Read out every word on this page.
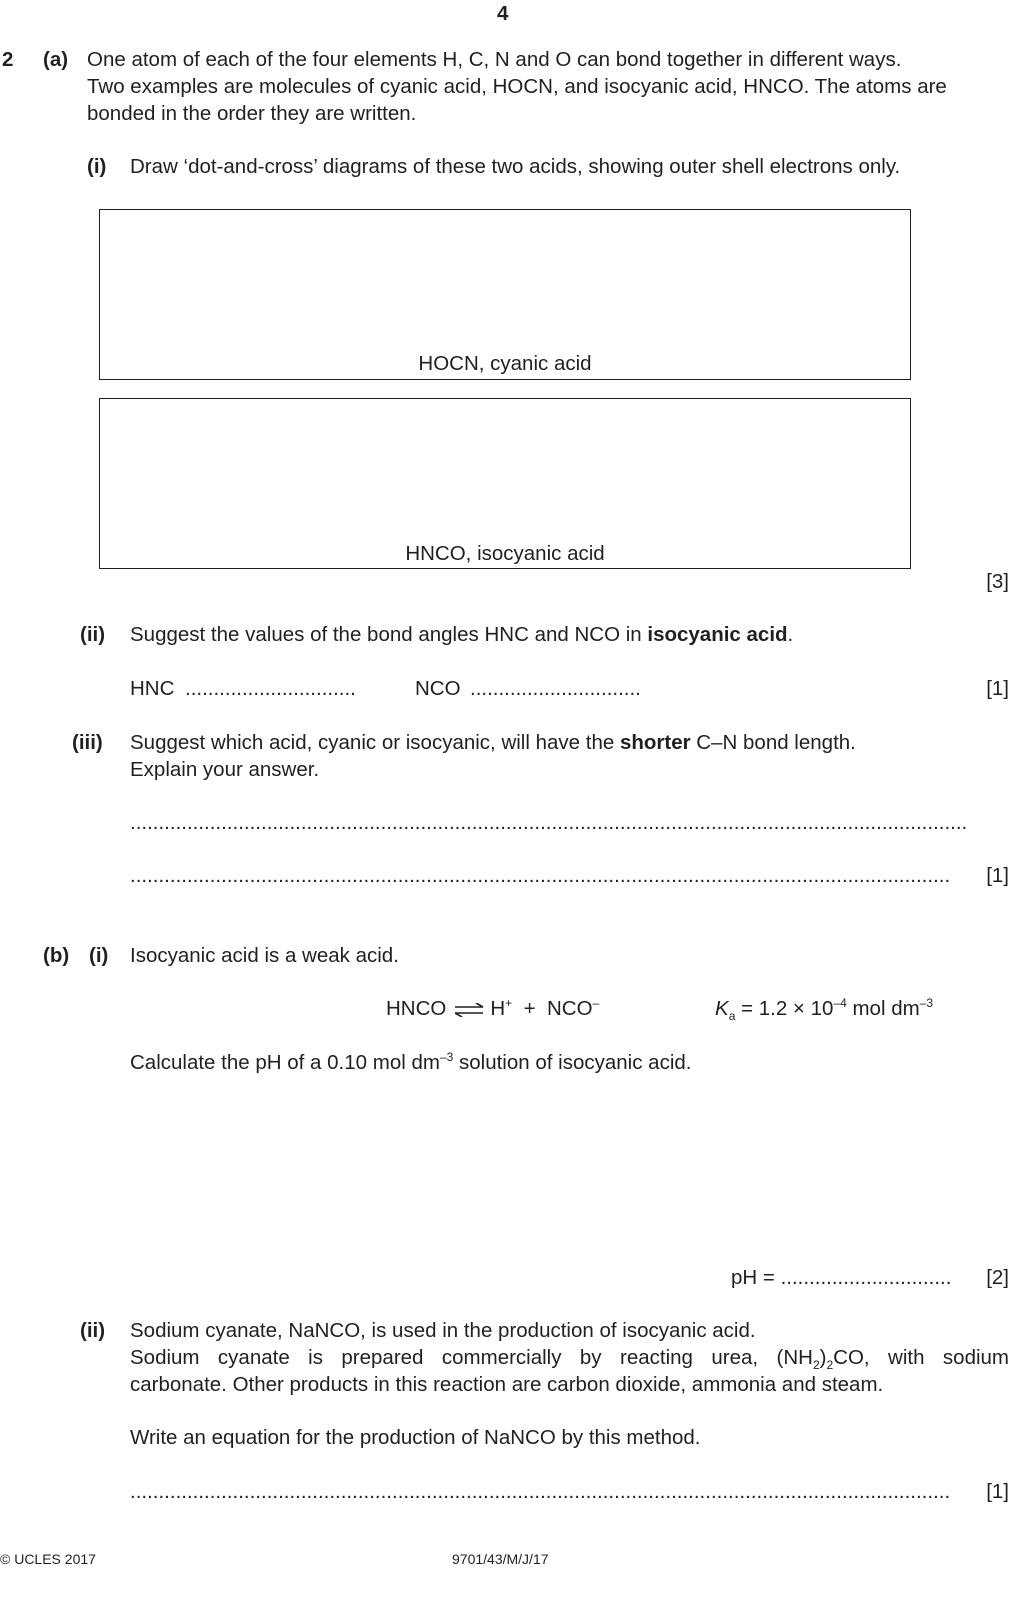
4
2 (a) One atom of each of the four elements H, C, N and O can bond together in different ways.
Two examples are molecules of cyanic acid, HOCN, and isocyanic acid, HNCO. The atoms are
bonded in the order they are written.
(i) Draw ‘dot-and-cross’ diagrams of these two acids, showing outer shell electrons only.
HOCN, cyanic acid
HNCO, isocyanic acid
[3]
(ii) Suggest the values of the bond angles HNC and NCO in isocyanic acid.
HNC ..............................	NCO ..............................	[1]
(iii) Suggest which acid, cyanic or isocyanic, will have the shorter C–N bond length.
Explain your answer.
...................................................................................................................................................
................................................................................................................................................	[1]
(b) (i) Isocyanic acid is a weak acid.
HNCO ⇌ H+ + NCO–	$K_a = 1.2 \times 10^{-4}$ mol $dm^{-3}$
Calculate the pH of a 0.10 mol $dm^{-3}$ solution of isocyanic acid.
pH = .............................. [2]
(ii) Sodium cyanate, NaNCO, is used in the production of isocyanic acid.
Sodium cyanate is prepared commercially by reacting urea, $(NH_2)_2CO$, with sodium
carbonate. Other products in this reaction are carbon dioxide, ammonia and steam.
Write an equation for the production of NaNCO by this method.
................................................................................................................................................	[1]
© UCLES 2017	9701/43/M/J/17
